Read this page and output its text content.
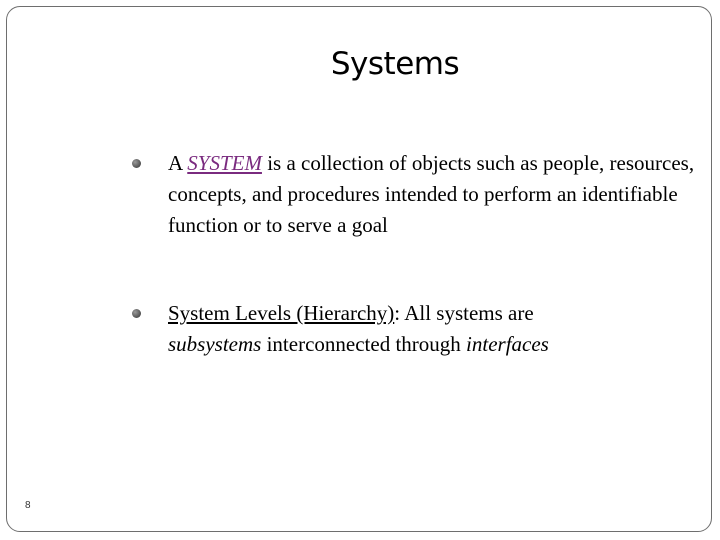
Systems
A SYSTEM is a collection of objects such as people, resources, concepts, and procedures intended to perform an identifiable function or to serve a goal
System Levels (Hierarchy): All systems are
subsystems interconnected through interfaces
8
